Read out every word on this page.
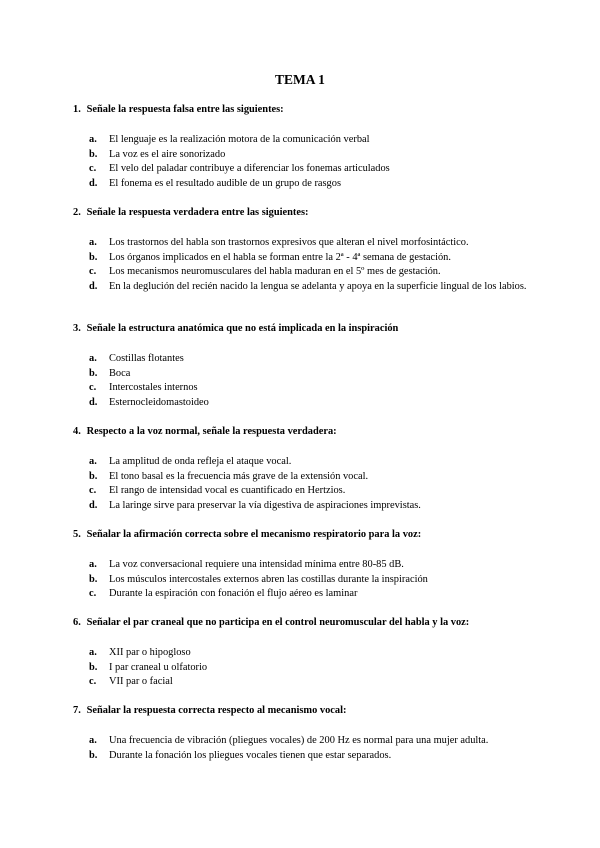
TEMA 1
1. Señale la respuesta falsa entre las siguientes:
a.	El lenguaje es la realización motora de la comunicación verbal
b.	La voz es el aire sonorizado
c.	El velo del paladar contribuye a diferenciar los fonemas articulados
d.	El fonema es el resultado audible de un grupo de rasgos
2. Señale la respuesta verdadera entre las siguientes:
a.	Los trastornos del habla son trastornos expresivos que alteran el nivel morfosintáctico.
b.	Los órganos implicados en el habla se forman entre la 2ª - 4ª semana de gestación.
c.	Los mecanismos neuromusculares del habla maduran en el 5º mes de gestación.
d.	En la deglución del recién nacido la lengua se adelanta y apoya en la superficie lingual de los labios.
3. Señale la estructura anatómica que no está implicada en la inspiración
a.	Costillas flotantes
b.	Boca
c.	Intercostales internos
d.	Esternocleidomastoideo
4. Respecto a la voz normal, señale la respuesta verdadera:
a.	La amplitud de onda refleja el ataque vocal.
b.	El tono basal es la frecuencia más grave de la extensión vocal.
c.	El rango de intensidad vocal es cuantificado en Hertzios.
d.	La laringe sirve para preservar la vía digestiva de aspiraciones imprevistas.
5. Señalar la afirmación correcta sobre el mecanismo respiratorio para la voz:
a.	La voz conversacional requiere una intensidad mínima entre 80-85 dB.
b.	Los músculos intercostales externos abren las costillas durante la inspiración
c.	Durante la espiración con fonación el flujo aéreo es laminar
6. Señalar el par craneal que no participa en el control neuromuscular del habla y la voz:
a.	XII par o hipogloso
b.	I par craneal u olfatorio
c.	VII par o facial
7. Señalar la respuesta correcta respecto al mecanismo vocal:
a.	Una frecuencia de vibración (pliegues vocales) de 200 Hz es normal para una mujer adulta.
b.	Durante la fonación los pliegues vocales tienen que estar separados.
